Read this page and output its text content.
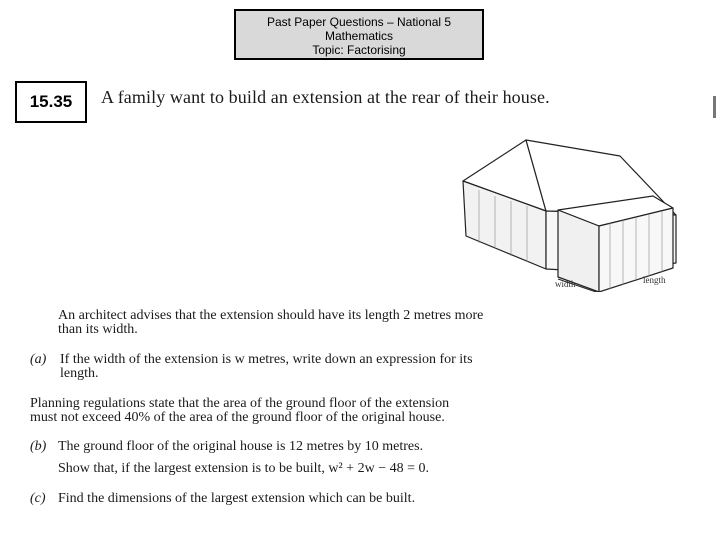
Past Paper Questions – National 5
Mathematics
Topic: Factorising
15.35	A family want to build an extension at the rear of their house.
width	length
An architect advises that the extension should have its length 2 metres more
than its width.
(a) If the width of the extension is w metres, write down an expression for its
length.
Planning regulations state that the area of the ground floor of the extension
must not exceed 40% of the area of the ground floor of the original house.
(b) The ground floor of the original house is 12 metres by 10 metres.
Show that, if the largest extension is to be built, w² + 2w − 48 = 0.
(c) Find the dimensions of the largest extension which can be built.
